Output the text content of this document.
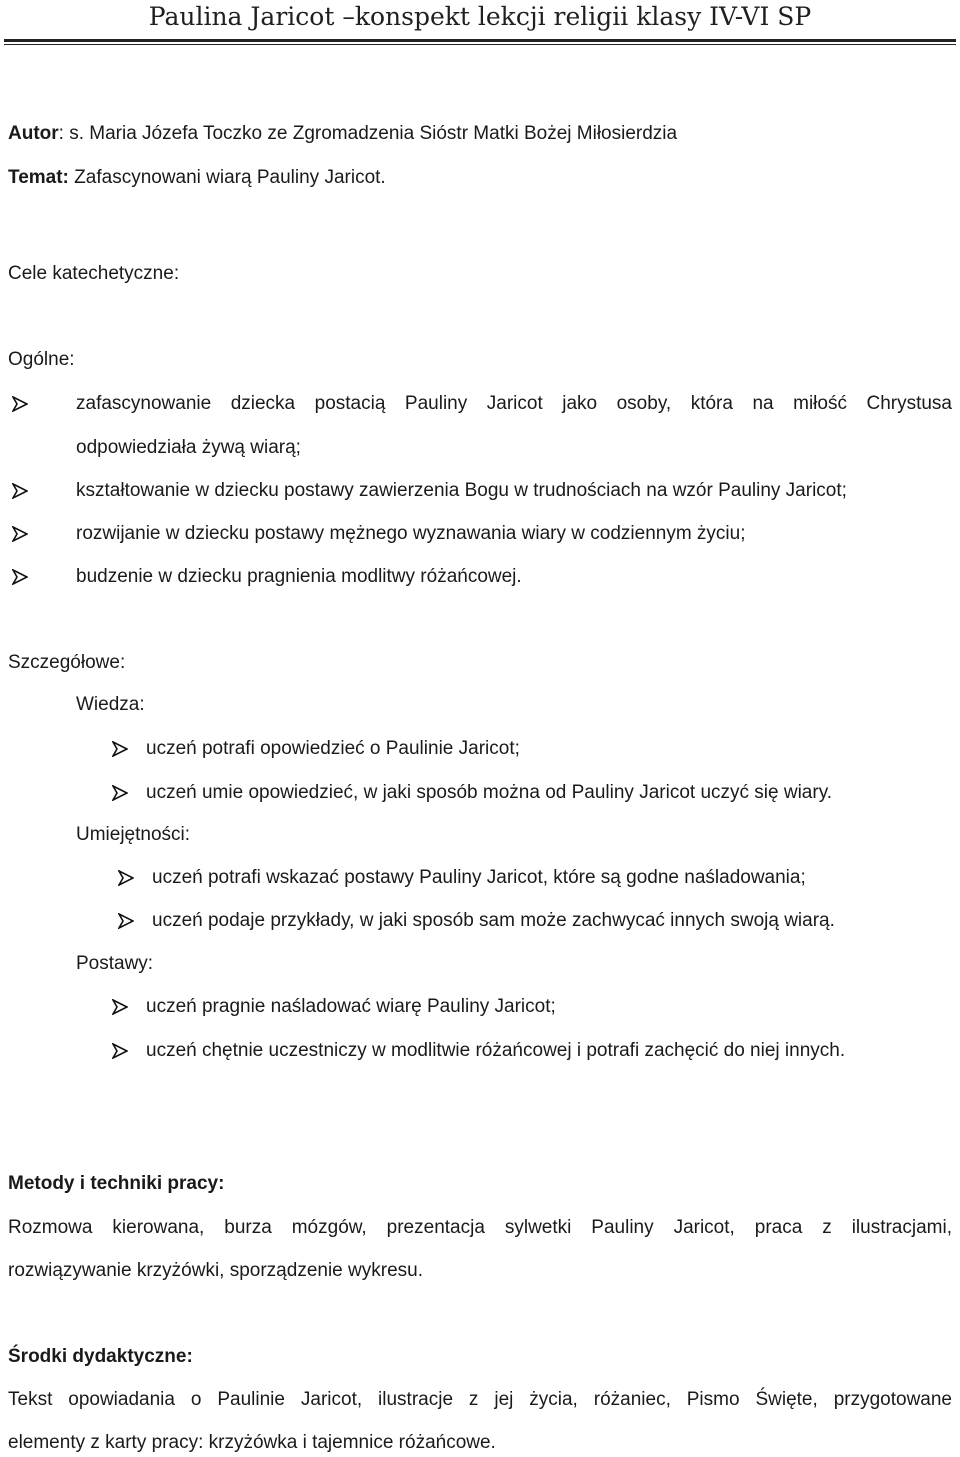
Paulina Jaricot –konspekt lekcji religii klasy IV-VI SP
Autor: s. Maria Józefa Toczko ze Zgromadzenia Sióstr Matki Bożej Miłosierdzia
Temat: Zafascynowani wiarą Pauliny Jaricot.
Cele katechetyczne:
Ogólne:
zafascynowanie dziecka postacią Pauliny Jaricot jako osoby, która na miłość Chrystusa
odpowiedziała żywą wiarą;
kształtowanie w dziecku postawy zawierzenia Bogu w trudnościach na wzór Pauliny Jaricot;
rozwijanie w dziecku postawy mężnego wyznawania wiary w codziennym życiu;
budzenie w dziecku pragnienia modlitwy różańcowej.
Szczegółowe:
Wiedza:
uczeń potrafi opowiedzieć o Paulinie Jaricot;
uczeń umie opowiedzieć, w jaki sposób można od Pauliny Jaricot uczyć się wiary.
Umiejętności:
uczeń potrafi wskazać postawy Pauliny Jaricot, które są godne naśladowania;
uczeń podaje przykłady, w jaki sposób sam może zachwycać innych swoją wiarą.
Postawy:
uczeń pragnie naśladować wiarę Pauliny Jaricot;
uczeń chętnie uczestniczy w modlitwie różańcowej i potrafi zachęcić do niej innych.
Metody i techniki pracy:
Rozmowa kierowana, burza mózgów, prezentacja sylwetki Pauliny Jaricot, praca z ilustracjami,
rozwiązywanie krzyżówki, sporządzenie wykresu.
Środki dydaktyczne:
Tekst opowiadania o Paulinie Jaricot, ilustracje z jej życia, różaniec, Pismo Święte, przygotowane
elementy z karty pracy: krzyżówka i tajemnice różańcowe.
